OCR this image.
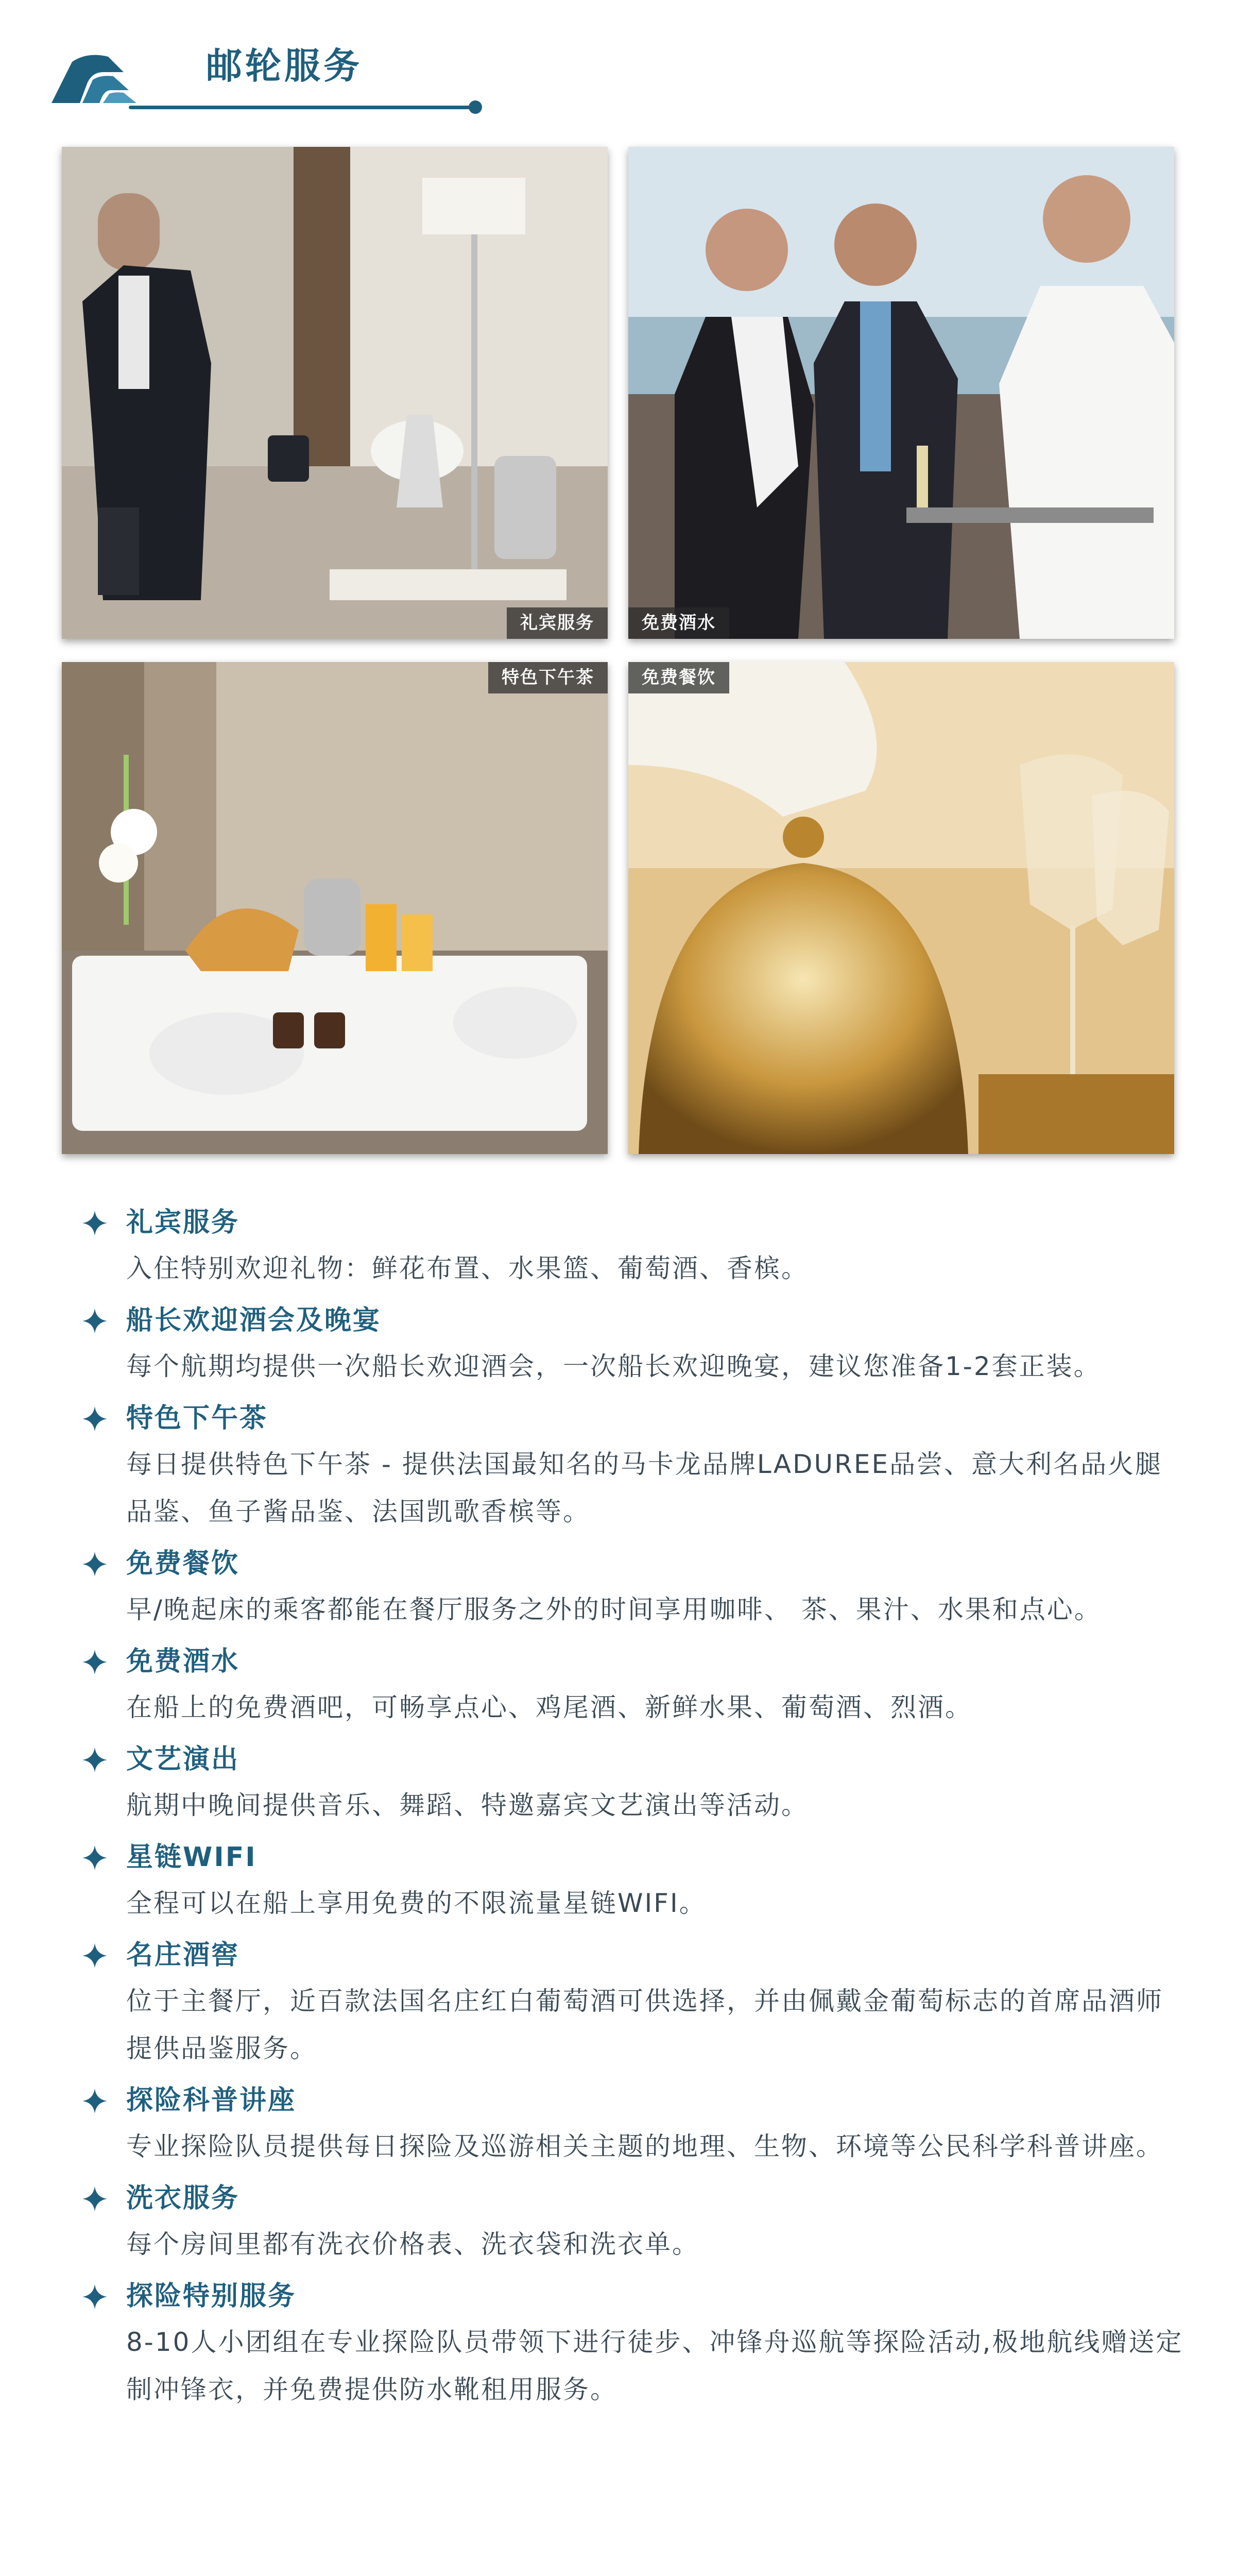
邮轮服务
礼宾服务	免费酒水
特色下午茶	免费餐饮
礼宾服务
入住特别欢迎礼物：鲜花布置、水果篮、葡萄酒、香槟。
船长欢迎酒会及晚宴
每个航期均提供一次船长欢迎酒会，一次船长欢迎晚宴，建议您准备1-2套正装。
特色下午茶
每日提供特色下午茶 - 提供法国最知名的马卡龙品牌LADUREE品尝、意大利名品火腿品鉴、鱼子酱品鉴、法国凯歌香槟等。
免费餐饮
早/晚起床的乘客都能在餐厅服务之外的时间享用咖啡、 茶、果汁、水果和点心。
免费酒水
在船上的免费酒吧，可畅享点心、鸡尾酒、新鲜水果、葡萄酒、烈酒。
文艺演出
航期中晚间提供音乐、舞蹈、特邀嘉宾文艺演出等活动。
星链WIFI
全程可以在船上享用免费的不限流量星链WIFI。
名庄酒窖
位于主餐厅，近百款法国名庄红白葡萄酒可供选择，并由佩戴金葡萄标志的首席品酒师提供品鉴服务。
探险科普讲座
专业探险队员提供每日探险及巡游相关主题的地理、生物、环境等公民科学科普讲座。
洗衣服务
每个房间里都有洗衣价格表、洗衣袋和洗衣单。
探险特别服务
8-10人小团组在专业探险队员带领下进行徒步、冲锋舟巡航等探险活动,极地航线赠送定制冲锋衣，并免费提供防水靴租用服务。
